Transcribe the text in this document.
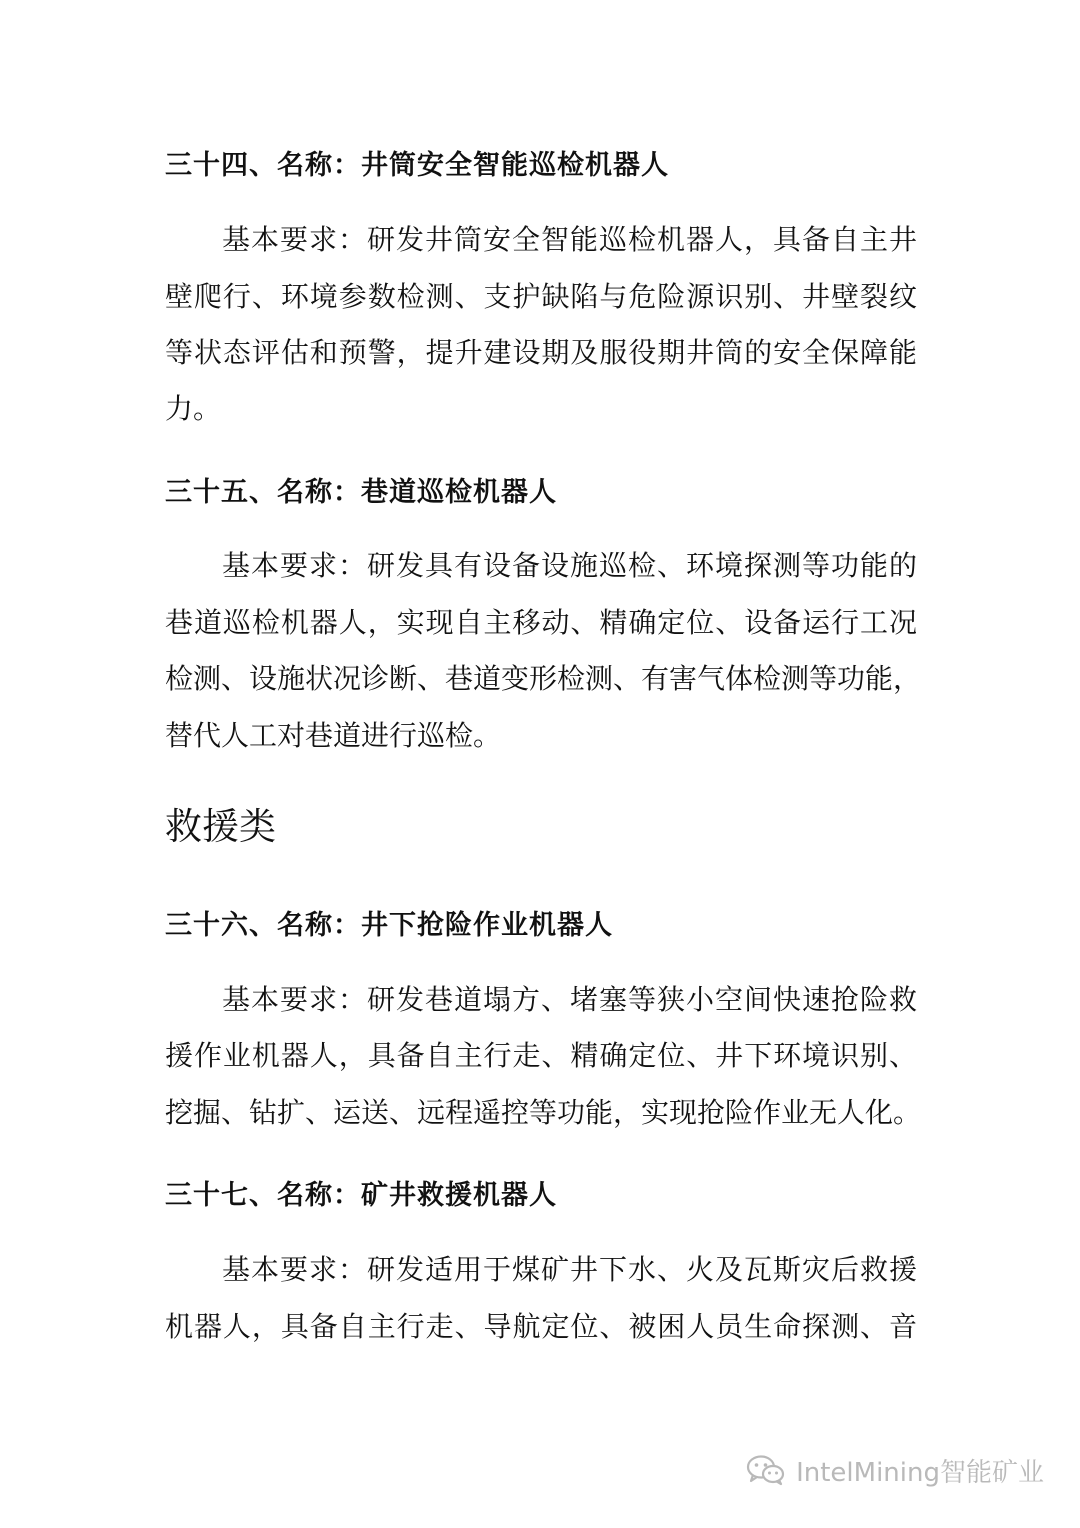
三十四、名称：井筒安全智能巡检机器人
基本要求：研发井筒安全智能巡检机器人，具备自主井
壁爬行、环境参数检测、支护缺陷与危险源识别、井壁裂纹
等状态评估和预警，提升建设期及服役期井筒的安全保障能
力。
三十五、名称：巷道巡检机器人
基本要求：研发具有设备设施巡检、环境探测等功能的
巷道巡检机器人，实现自主移动、精确定位、设备运行工况
检测、设施状况诊断、巷道变形检测、有害气体检测等功能，
替代人工对巷道进行巡检。
救援类
三十六、名称：井下抢险作业机器人
基本要求：研发巷道塌方、堵塞等狭小空间快速抢险救
援作业机器人，具备自主行走、精确定位、井下环境识别、
挖掘、钻扩、运送、远程遥控等功能，实现抢险作业无人化。
三十七、名称：矿井救援机器人
基本要求：研发适用于煤矿井下水、火及瓦斯灾后救援
机器人，具备自主行走、导航定位、被困人员生命探测、音
IntelMining智能矿业
